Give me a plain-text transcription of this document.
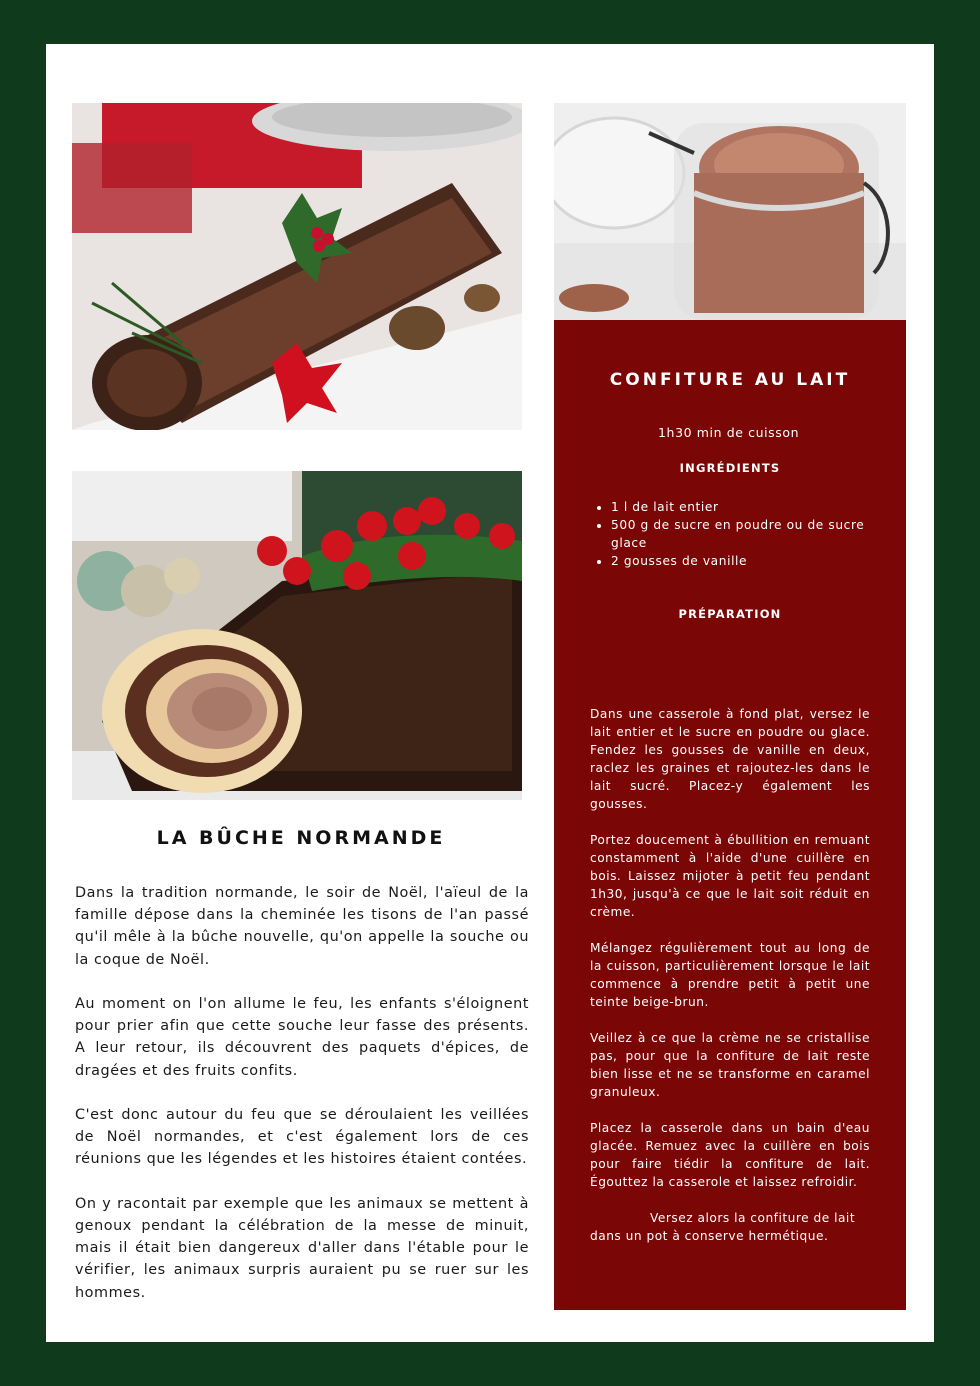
LA BÛCHE NORMANDE

Dans la tradition normande, le soir de Noël, l'aïeul de la famille dépose dans la cheminée les tisons de l'an passé qu'il mêle à la bûche nouvelle, qu'on appelle la souche ou la coque de Noël.

Au moment on l'on allume le feu, les enfants s'éloignent pour prier afin que cette souche leur fasse des présents. A leur retour, ils découvrent des paquets d'épices, de dragées et des fruits confits.

C'est donc autour du feu que se déroulaient les veillées de Noël normandes, et c'est également lors de ces réunions que les légendes et les histoires étaient contées.

On y racontait par exemple que les animaux se mettent à genoux pendant la célébration de la messe de minuit, mais il était bien dangereux d'aller dans l'étable pour le vérifier, les animaux surpris auraient pu se ruer sur les hommes.

CONFITURE AU LAIT
1h30 min de cuisson
INGRÉDIENTS
• 1 l de lait entier
• 500 g de sucre en poudre ou de sucre glace
• 2 gousses de vanille
PRÉPARATION

Dans une casserole à fond plat, versez le lait entier et le sucre en poudre ou glace. Fendez les gousses de vanille en deux, raclez les graines et rajoutez-les dans le lait sucré. Placez-y également les gousses.

Portez doucement à ébullition en remuant constamment à l'aide d'une cuillère en bois. Laissez mijoter à petit feu pendant 1h30, jusqu'à ce que le lait soit réduit en crème.

Mélangez régulièrement tout au long de la cuisson, particulièrement lorsque le lait commence à prendre petit à petit une teinte beige-brun.

Veillez à ce que la crème ne se cristallise pas, pour que la confiture de lait reste bien lisse et ne se transforme en caramel granuleux.

Placez la casserole dans un bain d'eau glacée. Remuez avec la cuillère en bois pour faire tiédir la confiture de lait. Égouttez la casserole et laissez refroidir.

Versez alors la confiture de lait dans un pot à conserve hermétique.
